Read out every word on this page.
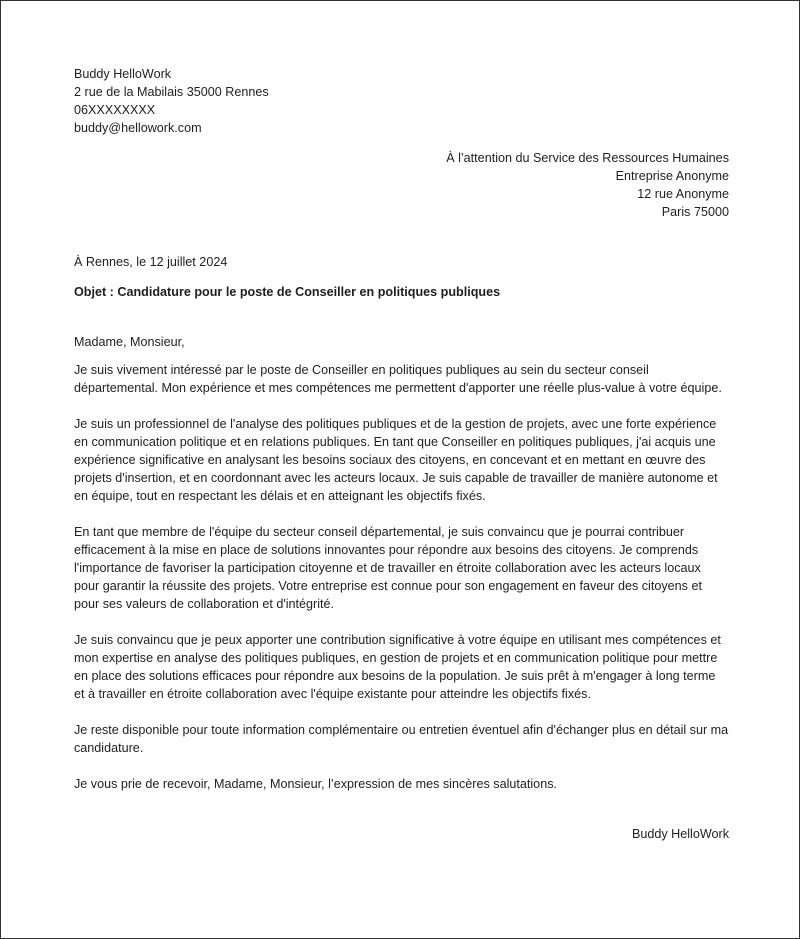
Buddy HelloWork
2 rue de la Mabilais 35000 Rennes
06XXXXXXXX
buddy@hellowork.com
À l’attention du Service des Ressources Humaines
Entreprise Anonyme
12 rue Anonyme
Paris 75000
À Rennes, le 12 juillet 2024
Objet : Candidature pour le poste de Conseiller en politiques publiques
Madame, Monsieur,
Je suis vivement intéressé par le poste de Conseiller en politiques publiques au sein du secteur conseil départemental. Mon expérience et mes compétences me permettent d'apporter une réelle plus-value à votre équipe.
Je suis un professionnel de l'analyse des politiques publiques et de la gestion de projets, avec une forte expérience en communication politique et en relations publiques. En tant que Conseiller en politiques publiques, j'ai acquis une expérience significative en analysant les besoins sociaux des citoyens, en concevant et en mettant en œuvre des projets d'insertion, et en coordonnant avec les acteurs locaux. Je suis capable de travailler de manière autonome et en équipe, tout en respectant les délais et en atteignant les objectifs fixés.
En tant que membre de l'équipe du secteur conseil départemental, je suis convaincu que je pourrai contribuer efficacement à la mise en place de solutions innovantes pour répondre aux besoins des citoyens. Je comprends l'importance de favoriser la participation citoyenne et de travailler en étroite collaboration avec les acteurs locaux pour garantir la réussite des projets. Votre entreprise est connue pour son engagement en faveur des citoyens et pour ses valeurs de collaboration et d'intégrité.
Je suis convaincu que je peux apporter une contribution significative à votre équipe en utilisant mes compétences et mon expertise en analyse des politiques publiques, en gestion de projets et en communication politique pour mettre en place des solutions efficaces pour répondre aux besoins de la population. Je suis prêt à m'engager à long terme et à travailler en étroite collaboration avec l'équipe existante pour atteindre les objectifs fixés.
Je reste disponible pour toute information complémentaire ou entretien éventuel afin d'échanger plus en détail sur ma candidature.
Je vous prie de recevoir, Madame, Monsieur, l’expression de mes sincères salutations.
Buddy HelloWork
